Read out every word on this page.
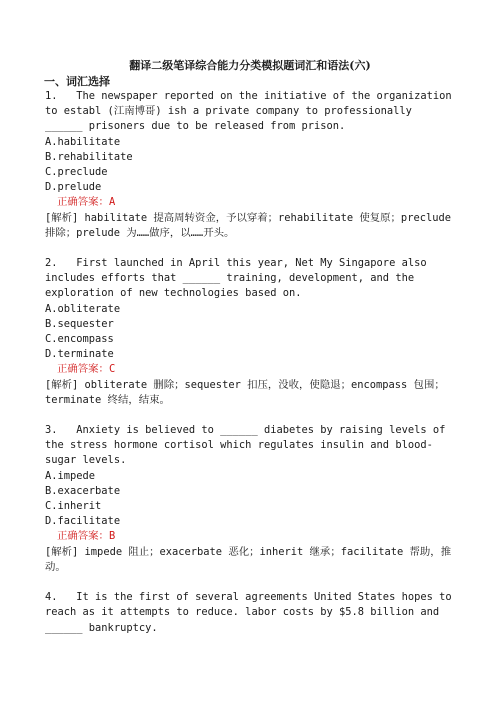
翻译二级笔译综合能力分类模拟题词汇和语法(六)
一、词汇选择
1.   The newspaper reported on the initiative of the organization to establ (江南博哥) ish a private company to professionally ______ prisoners due to be released from prison.
A.habilitate
B.rehabilitate
C.preclude
D.prelude
正确答案：A
[解析] habilitate 提高周转资金，予以穿着；rehabilitate 使复原；preclude 排除；prelude 为……做序，以……开头。
2.   First launched in April this year, Net My Singapore also includes efforts that ______ training, development, and the exploration of new technologies based on.
A.obliterate
B.sequester
C.encompass
D.terminate
正确答案：C
[解析] obliterate 删除；sequester 扣压，没收，使隐退；encompass 包围；terminate 终结，结束。
3.   Anxiety is believed to ______ diabetes by raising levels of the stress hormone cortisol which regulates insulin and blood-sugar levels.
A.impede
B.exacerbate
C.inherit
D.facilitate
正确答案：B
[解析] impede 阻止；exacerbate 恶化；inherit 继承；facilitate 帮助，推动。
4.   It is the first of several agreements United States hopes to reach as it attempts to reduce. labor costs by $5.8 billion and ______ bankruptcy.
